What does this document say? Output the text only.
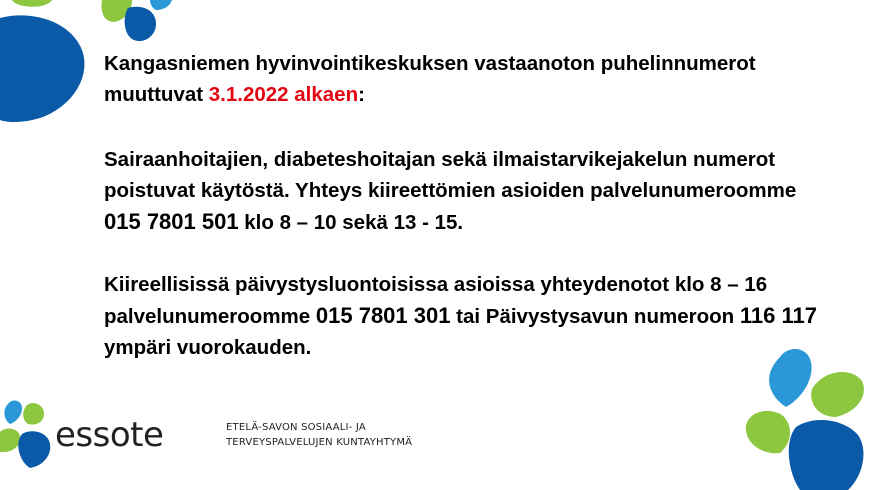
Kangasniemen hyvinvointikeskuksen vastaanoton puhelinnumerot
muuttuvat 3.1.2022 alkaen:
Sairaanhoitajien, diabeteshoitajan sekä ilmaistarvikejakelun numerot
poistuvat käytöstä. Yhteys kiireettömien asioiden palvelunumeroomme
015 7801 501 klo 8 – 10 sekä 13 - 15.
Kiireellisissä päivystysluontoisissa asioissa yhteydenotot klo 8 – 16
palvelunumeroomme 015 7801 301 tai Päivystysavun numeroon 116 117
ympäri vuorokauden.
essote	ETELÄ-SAVON SOSIAALI- JA
TERVEYSPALVELUJEN KUNTAYHTYMÄ
